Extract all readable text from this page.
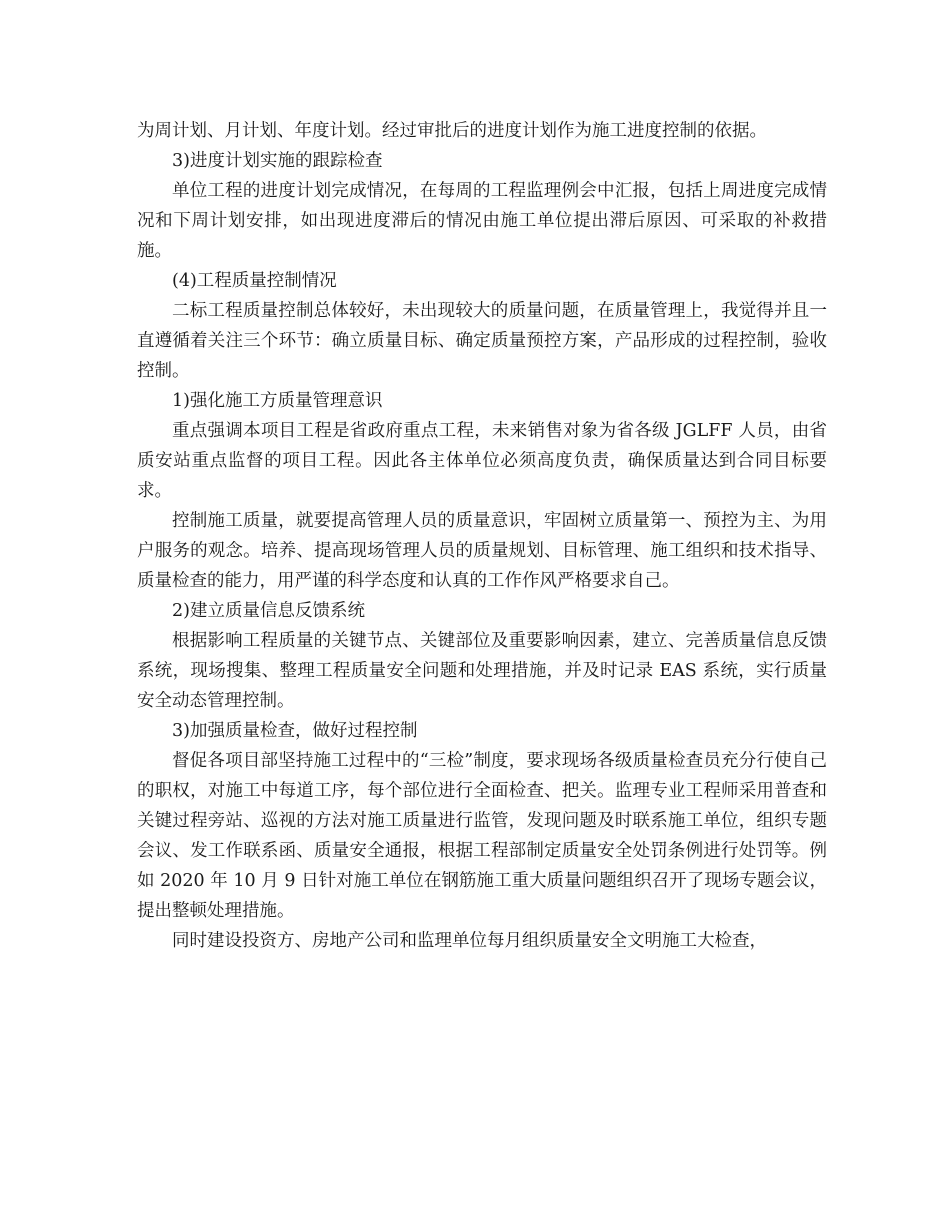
为周计划、月计划、年度计划。经过审批后的进度计划作为施工进度控制的依据。

3)进度计划实施的跟踪检查

单位工程的进度计划完成情况，在每周的工程监理例会中汇报，包括上周进度完成情况和下周计划安排，如出现进度滞后的情况由施工单位提出滞后原因、可采取的补救措施。

(4)工程质量控制情况

二标工程质量控制总体较好，未出现较大的质量问题，在质量管理上，我觉得并且一直遵循着关注三个环节：确立质量目标、确定质量预控方案，产品形成的过程控制，验收控制。

1)强化施工方质量管理意识

重点强调本项目工程是省政府重点工程，未来销售对象为省各级 JGLFF 人员，由省质安站重点监督的项目工程。因此各主体单位必须高度负责，确保质量达到合同目标要求。

控制施工质量，就要提高管理人员的质量意识，牢固树立质量第一、预控为主、为用户服务的观念。培养、提高现场管理人员的质量规划、目标管理、施工组织和技术指导、质量检查的能力，用严谨的科学态度和认真的工作作风严格要求自己。

2)建立质量信息反馈系统

根据影响工程质量的关键节点、关键部位及重要影响因素，建立、完善质量信息反馈系统，现场搜集、整理工程质量安全问题和处理措施，并及时记录 EAS 系统，实行质量安全动态管理控制。

3)加强质量检查，做好过程控制

督促各项目部坚持施工过程中的“三检”制度，要求现场各级质量检查员充分行使自己的职权，对施工中每道工序，每个部位进行全面检查、把关。监理专业工程师采用普查和关键过程旁站、巡视的方法对施工质量进行监管，发现问题及时联系施工单位，组织专题会议、发工作联系函、质量安全通报，根据工程部制定质量安全处罚条例进行处罚等。例如 2020 年 10 月 9 日针对施工单位在钢筋施工重大质量问题组织召开了现场专题会议，提出整顿处理措施。

同时建设投资方、房地产公司和监理单位每月组织质量安全文明施工大检查，
